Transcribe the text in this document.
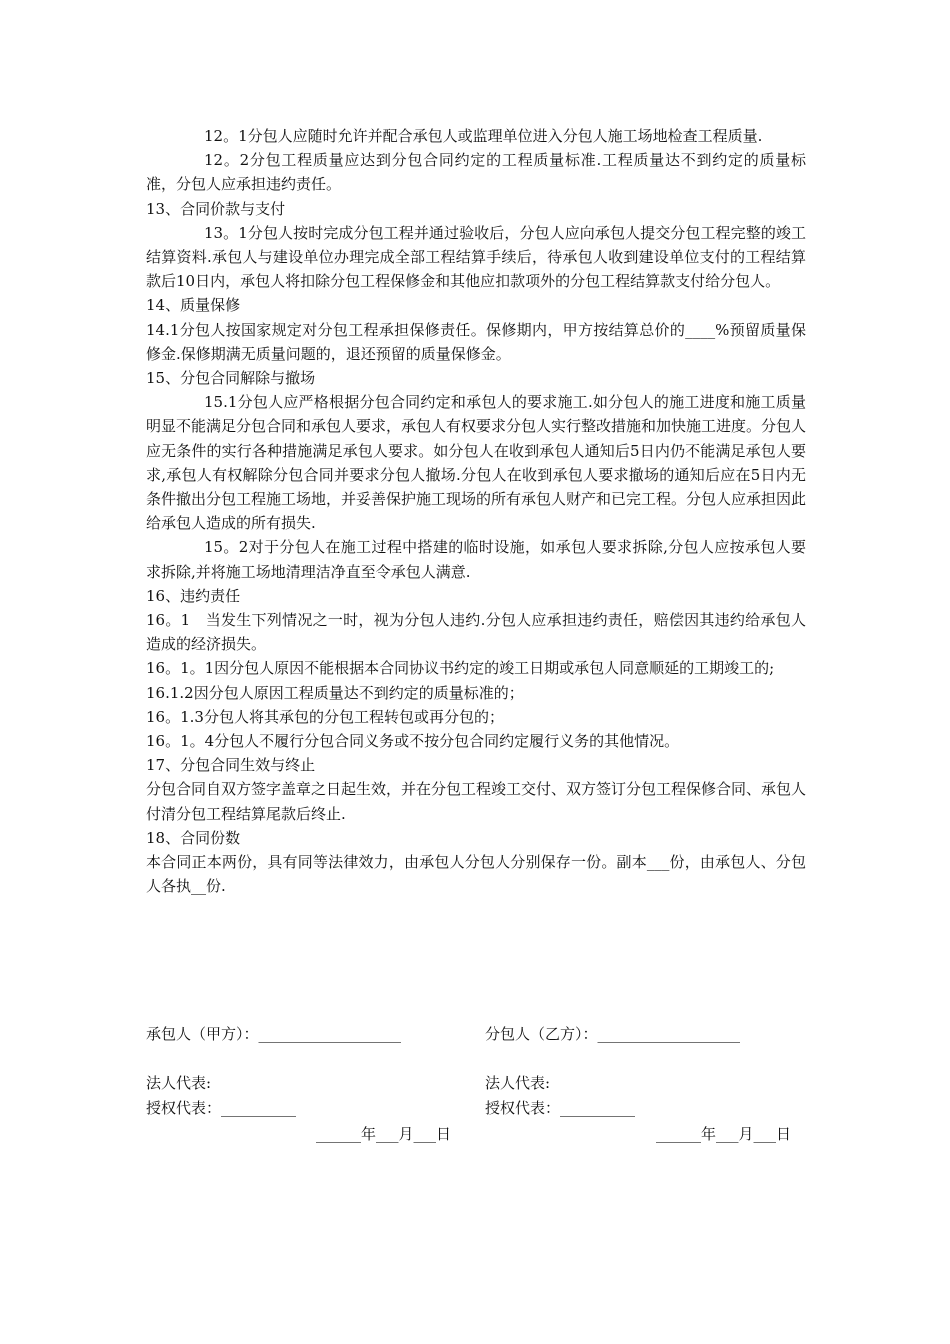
12。1分包人应随时允许并配合承包人或监理单位进入分包人施工场地检查工程质量.

12。2分包工程质量应达到分包合同约定的工程质量标准.工程质量达不到约定的质量标准，分包人应承担违约责任。

13、合同价款与支付

13。1分包人按时完成分包工程并通过验收后，分包人应向承包人提交分包工程完整的竣工结算资料.承包人与建设单位办理完成全部工程结算手续后，待承包人收到建设单位支付的工程结算款后10日内，承包人将扣除分包工程保修金和其他应扣款项外的分包工程结算款支付给分包人。

14、质量保修

14.1分包人按国家规定对分包工程承担保修责任。保修期内，甲方按结算总价的____%预留质量保修金.保修期满无质量问题的，退还预留的质量保修金。

15、分包合同解除与撤场

15.1分包人应严格根据分包合同约定和承包人的要求施工.如分包人的施工进度和施工质量明显不能满足分包合同和承包人要求，承包人有权要求分包人实行整改措施和加快施工进度。分包人应无条件的实行各种措施满足承包人要求。如分包人在收到承包人通知后5日内仍不能满足承包人要求,承包人有权解除分包合同并要求分包人撤场.分包人在收到承包人要求撤场的通知后应在5日内无条件撤出分包工程施工场地，并妥善保护施工现场的所有承包人财产和已完工程。分包人应承担因此给承包人造成的所有损失.

15。2对于分包人在施工过程中搭建的临时设施，如承包人要求拆除,分包人应按承包人要求拆除,并将施工场地清理洁净直至令承包人满意.

16、违约责任

16。1　当发生下列情况之一时，视为分包人违约.分包人应承担违约责任，赔偿因其违约给承包人造成的经济损失。

16。1。1因分包人原因不能根据本合同协议书约定的竣工日期或承包人同意顺延的工期竣工的;

16.1.2因分包人原因工程质量达不到约定的质量标准的；

16。1.3分包人将其承包的分包工程转包或再分包的；

16。1。4分包人不履行分包合同义务或不按分包合同约定履行义务的其他情况。

17、分包合同生效与终止

分包合同自双方签字盖章之日起生效，并在分包工程竣工交付、双方签订分包工程保修合同、承包人付清分包工程结算尾款后终止.

18、合同份数

本合同正本两份，具有同等法律效力，由承包人分包人分别保存一份。副本___份，由承包人、分包人各执__份.

承包人（甲方）：___________________	分包人（乙方）：___________________
法人代表:	法人代表:
授权代表：__________	授权代表：__________
______年___月___日	______年___月___日
